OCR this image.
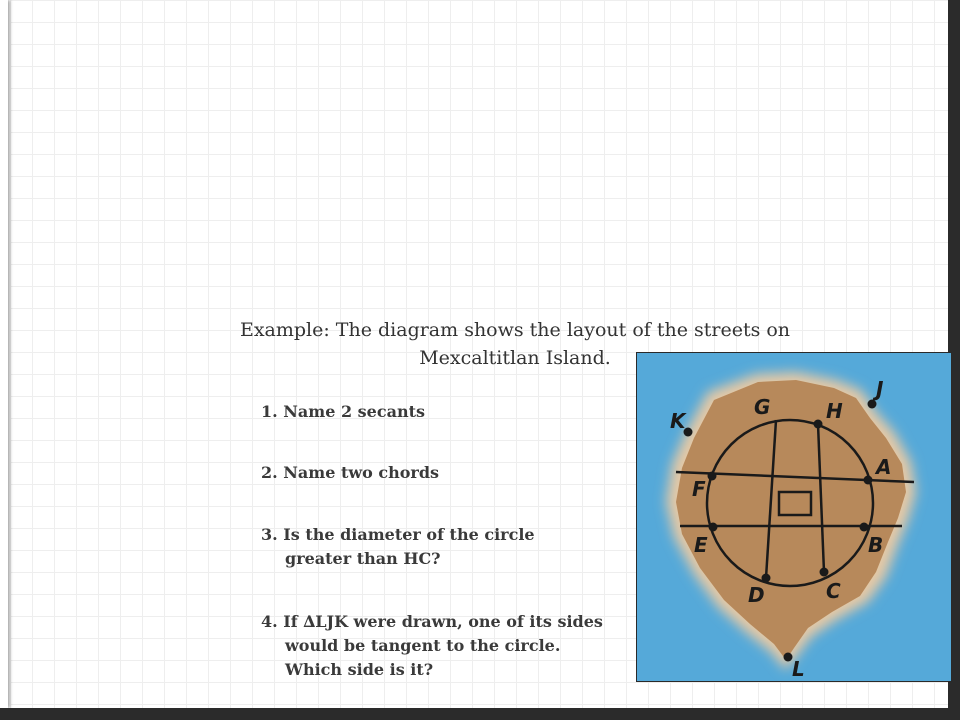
Example: The diagram shows the layout of the streets on
Mexcaltitlan Island.
1. Name 2 secants
2. Name two chords
3. Is the diameter of the circle
greater than HC?
4. If ∆LJK were drawn, one of its sides
would be tangent to the circle.
Which side is it?
G	H
J
K
A
F
E	B
D	C
L
